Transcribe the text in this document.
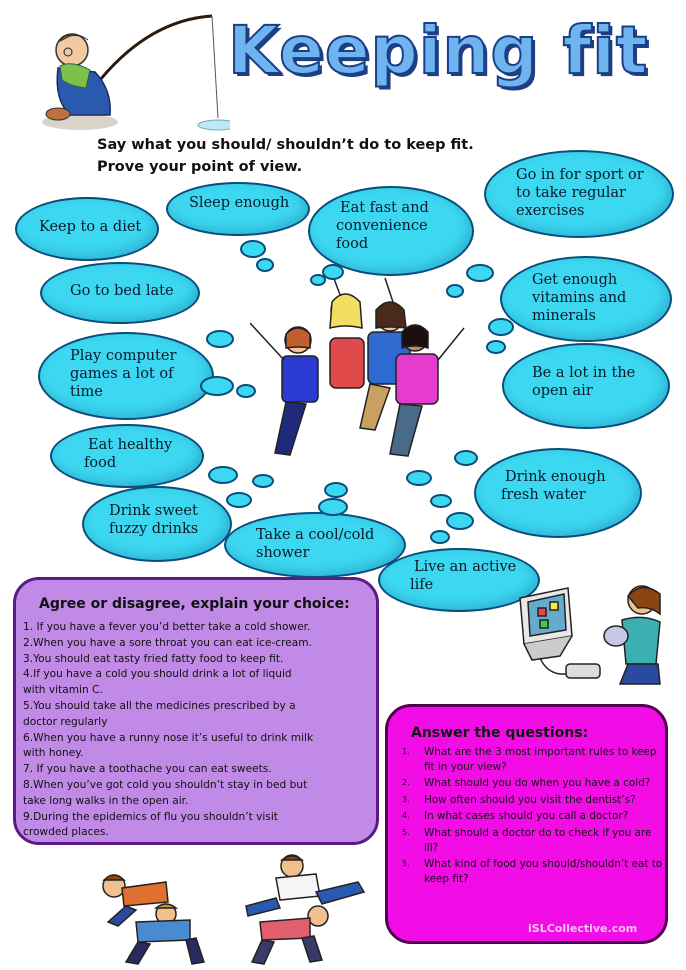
Keeping fit
Say what you should/ shouldn’t do to keep fit.
Prove your point of view.
Keep to a diet
Sleep enough	Eat fast and
convenience
food
Go in for sport or
to take regular
exercises
Go to bed late
Get enough
vitamins and
minerals
Play computer
games a lot of
time
Be a lot in the
open air
Eat healthy
food
Drink enough
fresh water
Drink sweet
fuzzy drinks	Take a cool/cold
shower
Live an active
life
Agree or disagree, explain your choice:
1. If you have a fever you’d better take a cold shower.
2.When you have a sore throat you can eat ice-cream.
3.You should eat tasty fried fatty food to keep fit.
4.If you have a cold you should drink a lot of liquid
with vitamin C.
5.You should take all the medicines prescribed by a
doctor regularly
6.When you have a runny nose it’s useful to drink milk
with honey.
7. If you have a toothache you can eat sweets.
8.When you’ve got cold you shouldn’t stay in bed but
take long walks in the open air.
9.During the epidemics of flu you shouldn’t visit
crowded places.
Answer the questions:
1. What are the 3 most important rules to keep fit in your view?
2. What should you do when you have a cold?
3. How often should you visit the dentist’s?
4. In what cases should you call a doctor?
5. What should a doctor do to check if you are ill?
5. What kind of food you should/shouldn’t eat to keep fit?
iSLCollective.com
